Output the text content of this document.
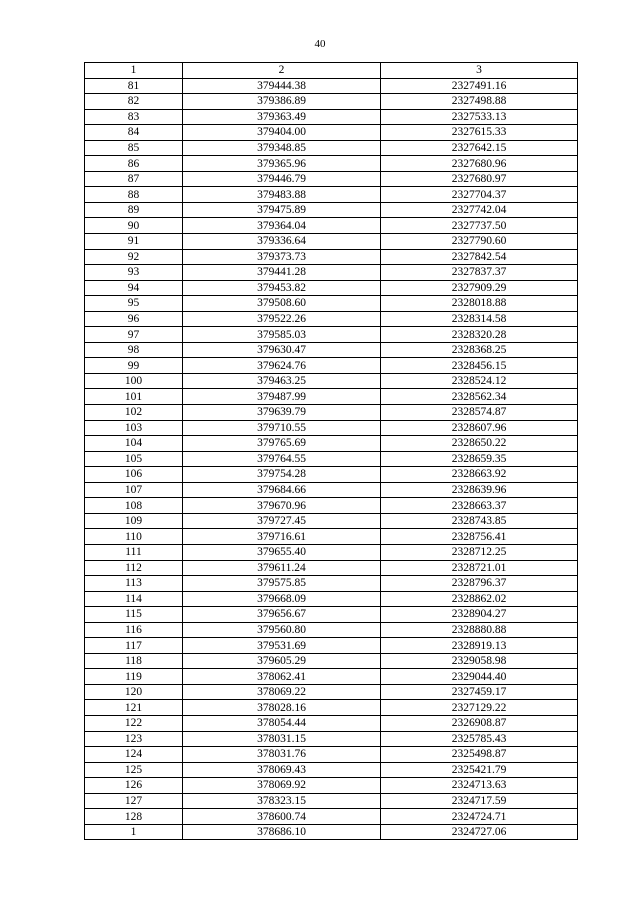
40
1	2	3
81	379444.38	2327491.16
82	379386.89	2327498.88
83	379363.49	2327533.13
84	379404.00	2327615.33
85	379348.85	2327642.15
86	379365.96	2327680.96
87	379446.79	2327680.97
88	379483.88	2327704.37
89	379475.89	2327742.04
90	379364.04	2327737.50
91	379336.64	2327790.60
92	379373.73	2327842.54
93	379441.28	2327837.37
94	379453.82	2327909.29
95	379508.60	2328018.88
96	379522.26	2328314.58
97	379585.03	2328320.28
98	379630.47	2328368.25
99	379624.76	2328456.15
100	379463.25	2328524.12
101	379487.99	2328562.34
102	379639.79	2328574.87
103	379710.55	2328607.96
104	379765.69	2328650.22
105	379764.55	2328659.35
106	379754.28	2328663.92
107	379684.66	2328639.96
108	379670.96	2328663.37
109	379727.45	2328743.85
110	379716.61	2328756.41
111	379655.40	2328712.25
112	379611.24	2328721.01
113	379575.85	2328796.37
114	379668.09	2328862.02
115	379656.67	2328904.27
116	379560.80	2328880.88
117	379531.69	2328919.13
118	379605.29	2329058.98
119	378062.41	2329044.40
120	378069.22	2327459.17
121	378028.16	2327129.22
122	378054.44	2326908.87
123	378031.15	2325785.43
124	378031.76	2325498.87
125	378069.43	2325421.79
126	378069.92	2324713.63
127	378323.15	2324717.59
128	378600.74	2324724.71
1	378686.10	2324727.06
